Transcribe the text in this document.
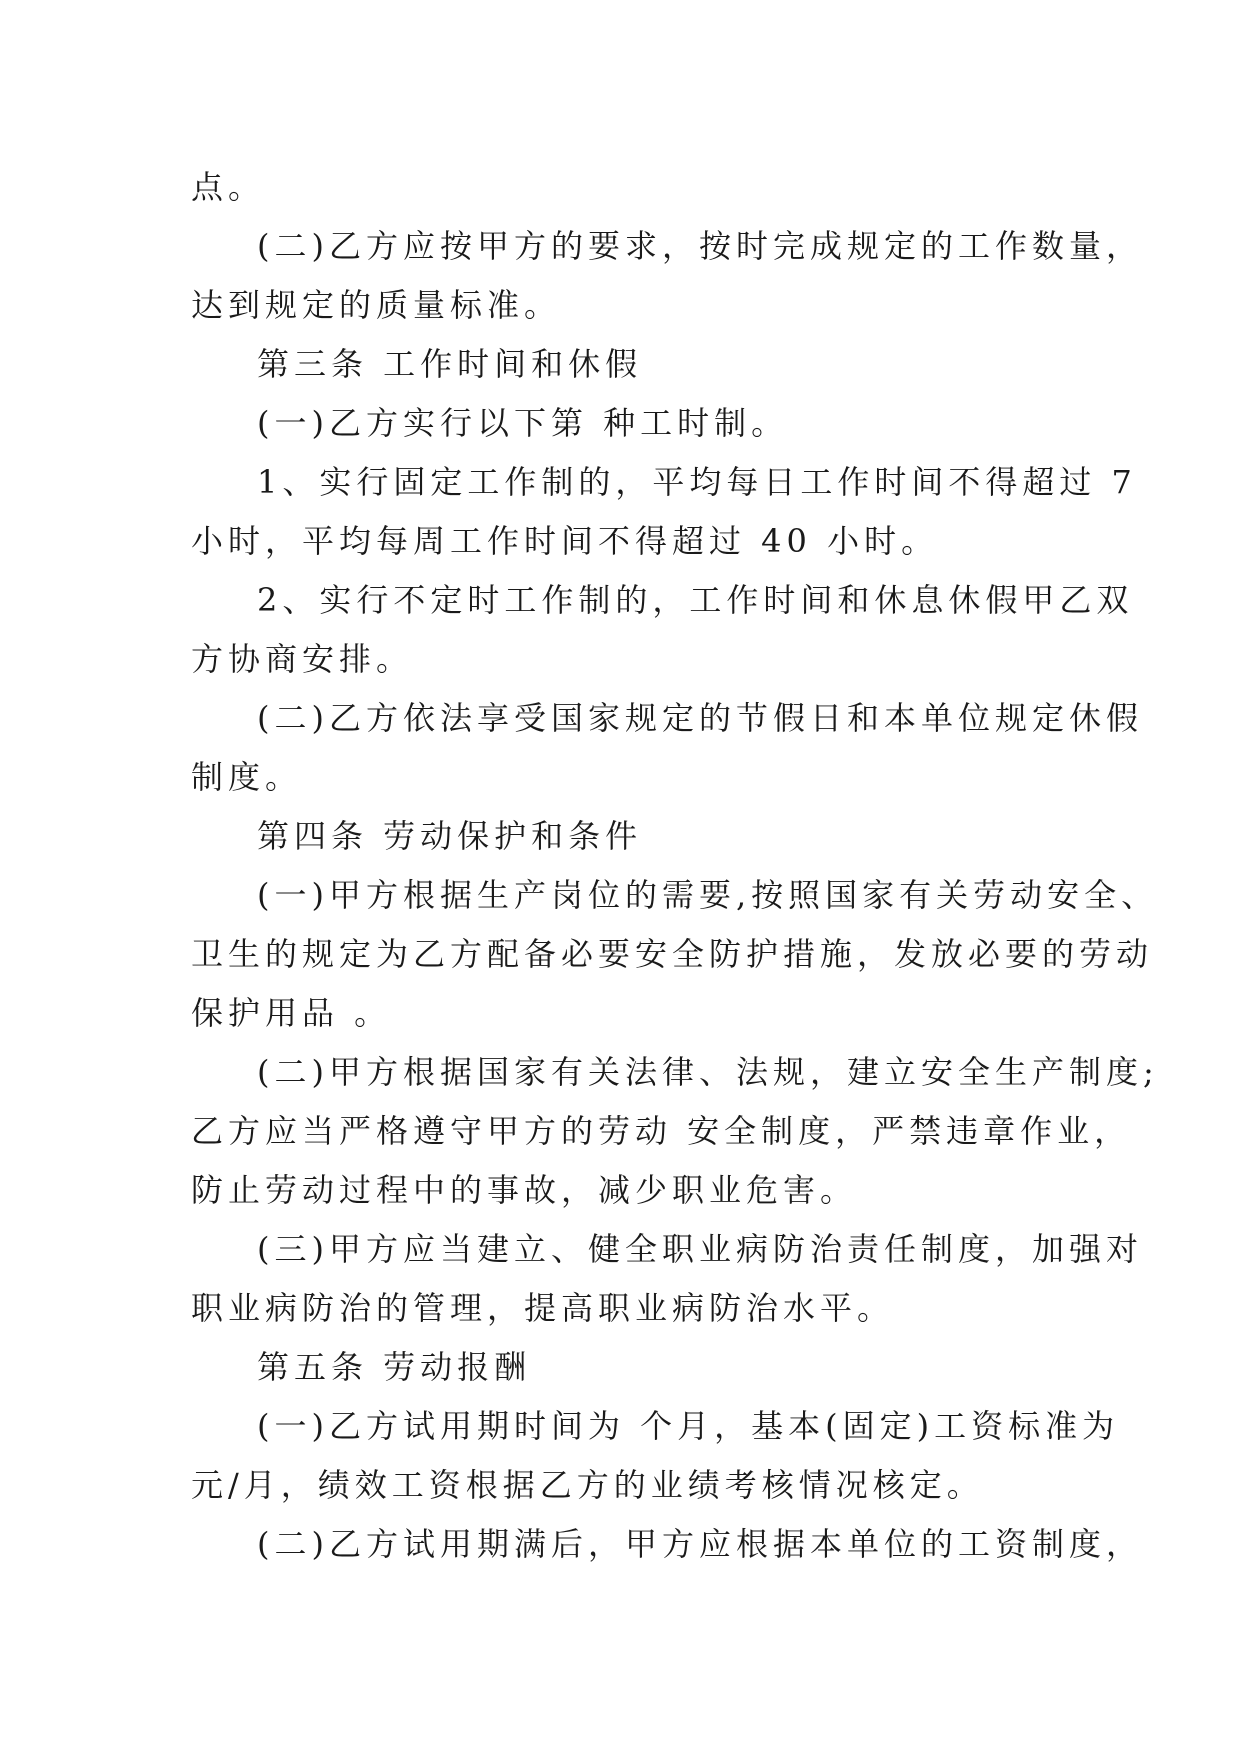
点。
(二)乙方应按甲方的要求，按时完成规定的工作数量，
达到规定的质量标准。
第三条 工作时间和休假
(一)乙方实行以下第 种工时制。
1、实行固定工作制的，平均每日工作时间不得超过 7
小时，平均每周工作时间不得超过 40 小时。
2、实行不定时工作制的，工作时间和休息休假甲乙双
方协商安排。
(二)乙方依法享受国家规定的节假日和本单位规定休假
制度。
第四条 劳动保护和条件
(一)甲方根据生产岗位的需要,按照国家有关劳动安全、
卫生的规定为乙方配备必要安全防护措施，发放必要的劳动
保护用品 。
(二)甲方根据国家有关法律、法规，建立安全生产制度;
乙方应当严格遵守甲方的劳动 安全制度，严禁违章作业，
防止劳动过程中的事故，减少职业危害。
(三)甲方应当建立、健全职业病防治责任制度，加强对
职业病防治的管理，提高职业病防治水平。
第五条 劳动报酬
(一)乙方试用期时间为 个月，基本(固定)工资标准为
元/月，绩效工资根据乙方的业绩考核情况核定。
(二)乙方试用期满后，甲方应根据本单位的工资制度，
